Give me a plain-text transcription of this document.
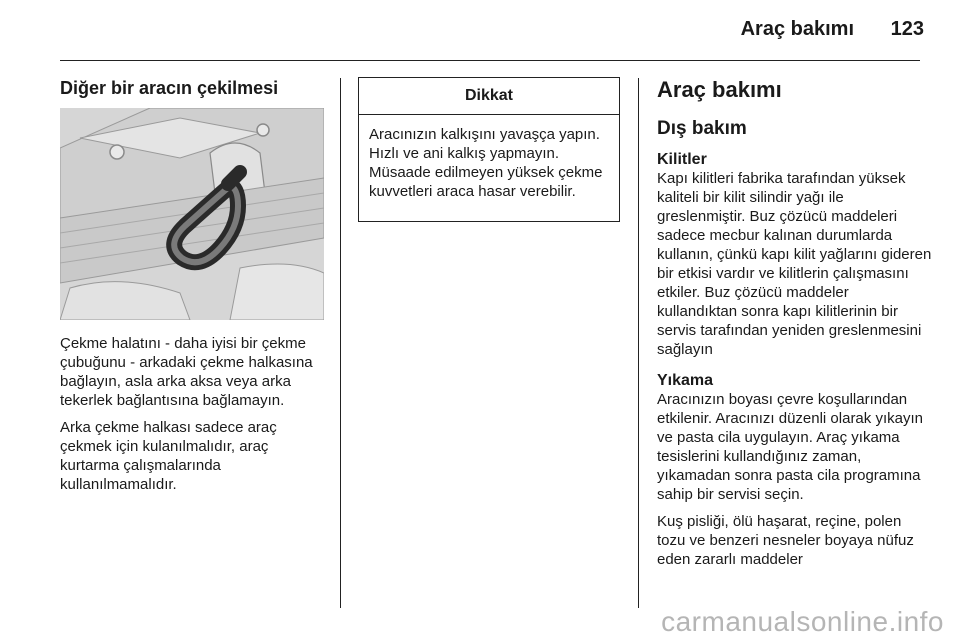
Araç bakımı 123
Diğer bir aracın çekilmesi

Çekme halatını - daha iyisi bir çekme çubuğunu - arkadaki çekme halkasına bağlayın, asla arka aksa veya arka tekerlek bağlantısına bağlamayın.

Arka çekme halkası sadece araç çekmek için kulanılmalıdır, araç kurtarma çalışmalarında kullanılmamalıdır.

Dikkat
Aracınızın kalkışını yavaşça yapın. Hızlı ve ani kalkış yapmayın. Müsaade edilmeyen yüksek çekme kuvvetleri araca hasar verebilir.
Araç bakımı
Dış bakım
Kilitler

Kapı kilitleri fabrika tarafından yüksek kaliteli bir kilit silindir yağı ile greslenmiştir. Buz çözücü maddeleri sadece mecbur kalınan durumlarda kullanın, çünkü kapı kilit yağlarını gideren bir etkisi vardır ve kilitlerin çalışmasını etkiler. Buz çözücü maddeler kullandıktan sonra kapı kilitlerinin bir servis tarafından yeniden greslenmesini sağlayın

Yıkama

Aracınızın boyası çevre koşullarından etkilenir. Aracınızı düzenli olarak yıkayın ve pasta cila uygulayın. Araç yıkama tesislerini kullandığınız zaman, yıkamadan sonra pasta cila programına sahip bir servisi seçin.

Kuş pisliği, ölü haşarat, reçine, polen tozu ve benzeri nesneler boyaya nüfuz eden zararlı maddeler

carmanualsonline.info
